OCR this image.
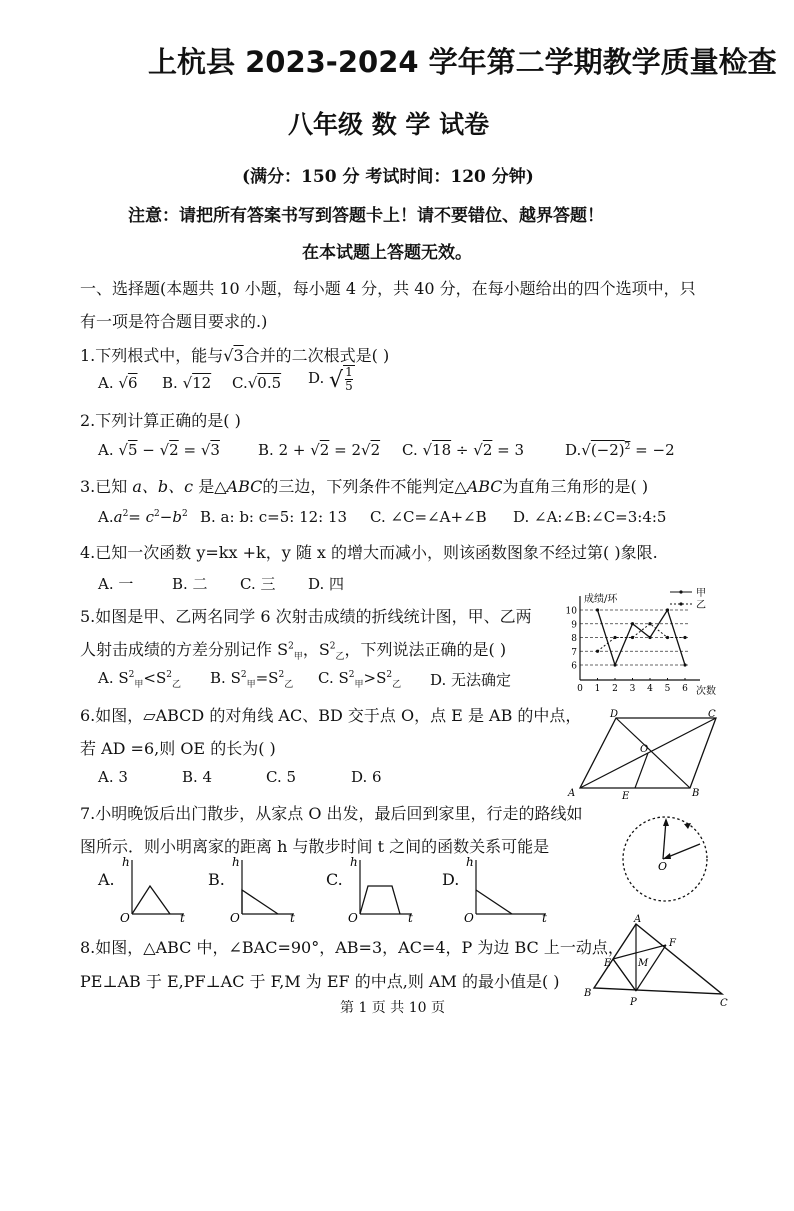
上杭县 2023-2024 学年第二学期教学质量检查
八年级 数 学 试卷
(满分：150 分 考试时间：120 分钟)
注意：请把所有答案书写到答题卡上！请不要错位、越界答题！
在本试题上答题无效。
一、选择题(本题共 10 小题，每小题 4 分，共 40 分，在每小题给出的四个选项中，只
有一项是符合题目要求的.)
1.下列根式中，能与√3合并的二次根式是( )
A. √6 B. √12 C.√0.5 D. √ $\frac{1}{5}$
2.下列计算正确的是( )
A. √5 − √2 = √3	B. 2 + √2 = 2√2 C. √18 ÷ √2 = 3	$D.√(-2)^2 = -2$
3.已知 a、b、c 是△ABC的三边，下列条件不能判定△ABC为直角三角形的是( )
$A.a^2= c^2-b^2$ B. a: b: c=5: 12: 13 C. ∠C=∠A+∠B D. ∠A:∠B:∠C=3:4:5
4.已知一次函数 y=kx +k，y 随 x 的增大而减小，则该函数图象不经过第( )象限.
A. 一	B. 二 C. 三 D. 四
5.如图是甲、乙两名同学 6 次射击成绩的折线统计图，甲、乙两
人射击成绩的方差分别记作 $S^2_甲$，$S^2_乙$，下列说法正确的是( )
A. $S^2_甲<S^2_乙$ B. $S^2_甲=S^2_乙$ C. $S^2_甲>S^2_乙$ D. 无法确定
成绩/环
次数
甲
乙
10
9
8
7
6
0 1 2 3 4 5 6
6.如图，▱ABCD 的对角线 AC、BD 交于点 O，点 E 是 AB 的中点，
若 AD =6,则 OE 的长为( )
A. 3	B. 4	C. 5	D. 6
A	B
C
D
O
E
7.小明晚饭后出门散步，从家点 O 出发，最后回到家里，行走的路线如
图所示．则小明离家的距离 h 与散步时间 t 之间的函数关系可能是
O
A.
h
t
O
B.
h
t
O
C.
h
t
O
D.
h
t
O
8.如图，△ABC 中，∠BAC=90°，AB=3，AC=4，P 为边 BC 上一动点，
PE⊥AB 于 E,PF⊥AC 于 F,M 为 EF 的中点,则 AM 的最小值是( )
A
B
C
E
F
M
P
第 1 页 共 10 页
